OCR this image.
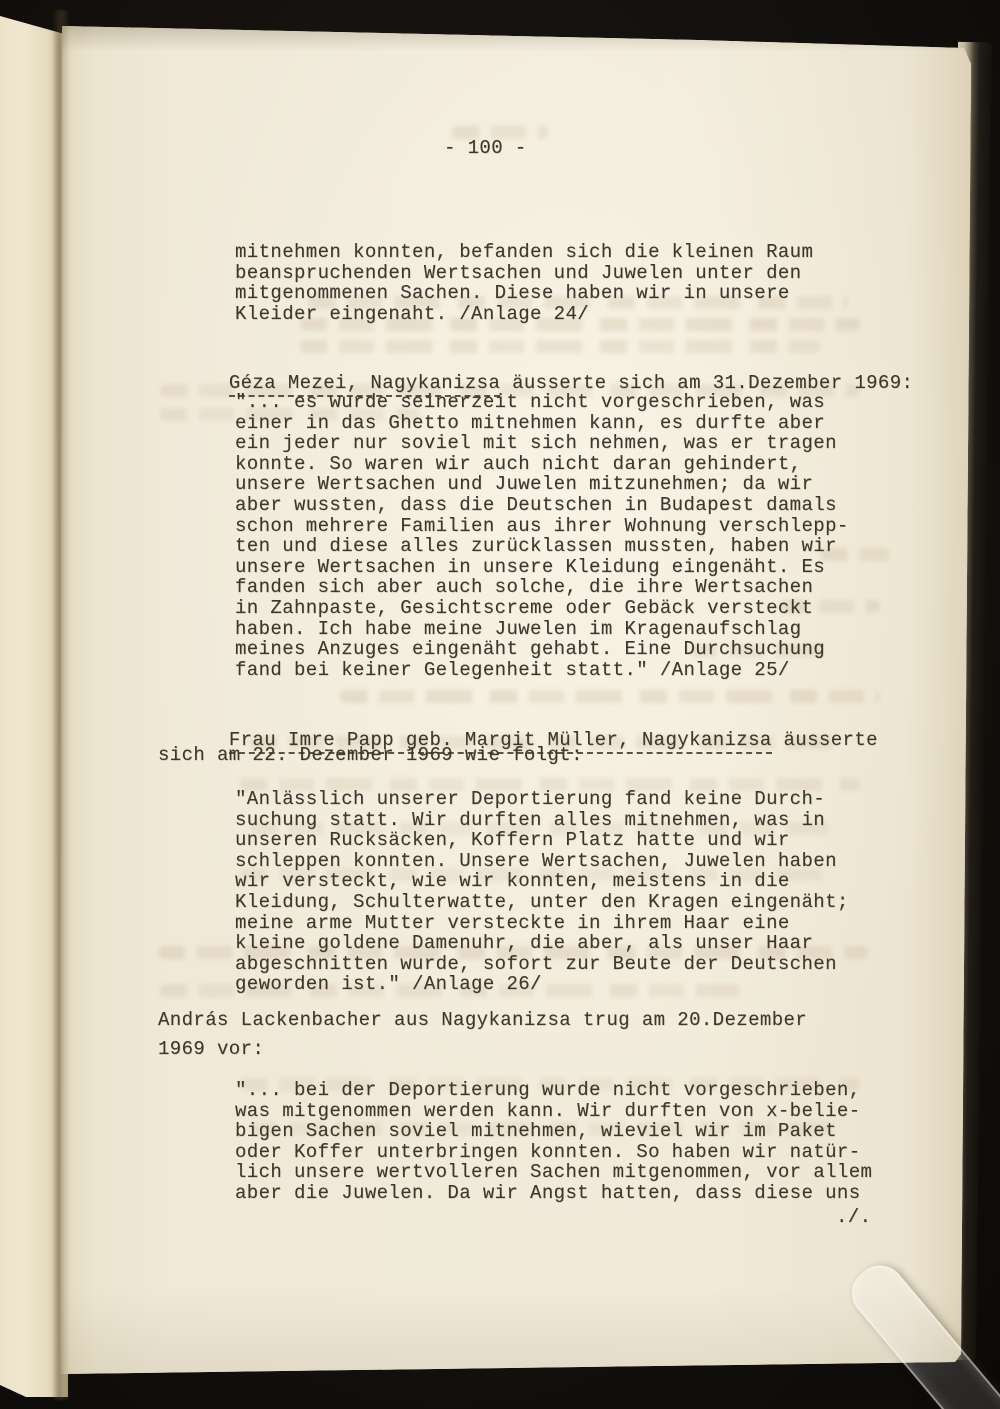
- 100 -
mitnehmen konnten, befanden sich die kleinen Raum
beanspruchenden Wertsachen und Juwelen unter den
mitgenommenen Sachen. Diese haben wir in unsere
Kleider eingenaht. /Anlage 24/

Géza Mezei, Nagykanizsa äusserte sich am 31.Dezember 1969:

"... es wurde seinerzeit nicht vorgeschrieben, was
einer in das Ghetto mitnehmen kann, es durfte aber
ein jeder nur soviel mit sich nehmen, was er tragen
konnte. So waren wir auch nicht daran gehindert,
unsere Wertsachen und Juwelen mitzunehmen; da wir
aber wussten, dass die Deutschen in Budapest damals
schon mehrere Familien aus ihrer Wohnung verschlepp-
ten und diese alles zurücklassen mussten, haben wir
unsere Wertsachen in unsere Kleidung eingenäht. Es
fanden sich aber auch solche, die ihre Wertsachen
in Zahnpaste, Gesichtscreme oder Gebäck versteckt
haben. Ich habe meine Juwelen im Kragenaufschlag
meines Anzuges eingenäht gehabt. Eine Durchsuchung
fand bei keiner Gelegenheit statt." /Anlage 25/

Frau Imre Papp geb. Margit Müller, Nagykanizsa äusserte

sich am 22. Dezember 1969 wie folgt:
"Anlässlich unserer Deportierung fand keine Durch-
suchung statt. Wir durften alles mitnehmen, was in
unseren Rucksäcken, Koffern Platz hatte und wir
schleppen konnten. Unsere Wertsachen, Juwelen haben
wir versteckt, wie wir konnten, meistens in die
Kleidung, Schulterwatte, unter den Kragen eingenäht;
meine arme Mutter versteckte in ihrem Haar eine
kleine goldene Damenuhr, die aber, als unser Haar
abgeschnitten wurde, sofort zur Beute der Deutschen
geworden ist." /Anlage 26/
András Lackenbacher aus Nagykanizsa trug am 20.Dezember
1969 vor:
"... bei der Deportierung wurde nicht vorgeschrieben,
was mitgenommen werden kann. Wir durften von x-belie-
bigen Sachen soviel mitnehmen, wieviel wir im Paket
oder Koffer unterbringen konnten. So haben wir natür-
lich unsere wertvolleren Sachen mitgenommen, vor allem
aber die Juwelen. Da wir Angst hatten, dass diese uns
./.
